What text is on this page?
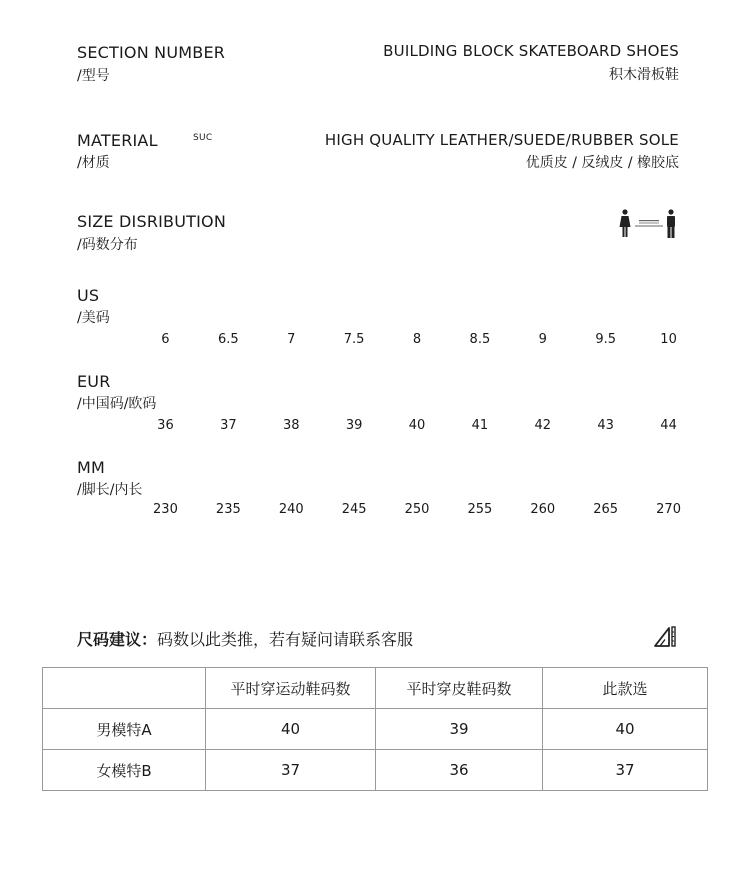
SECTION NUMBER
/型号
BUILDING BLOCK SKATEBOARD SHOES
积木滑板鞋
MATERIAL	SUC
/材质
HIGH QUALITY LEATHER/SUEDE/RUBBER SOLE
优质皮 / 反绒皮 / 橡胶底
SIZE DISRIBUTION
/码数分布
US
/美码
6	6.5	7	7.5	8	8.5	9	9.5	10
EUR
/中国码/欧码
36	37	38	39	40	41	42	43	44
MM
/脚长/内长
230	235	240	245	250	255	260	265	270
尺码建议：码数以此类推，若有疑问请联系客服
	平时穿运动鞋码数	平时穿皮鞋码数	此款选
男模特A	40	39	40
女模特B	37	36	37
